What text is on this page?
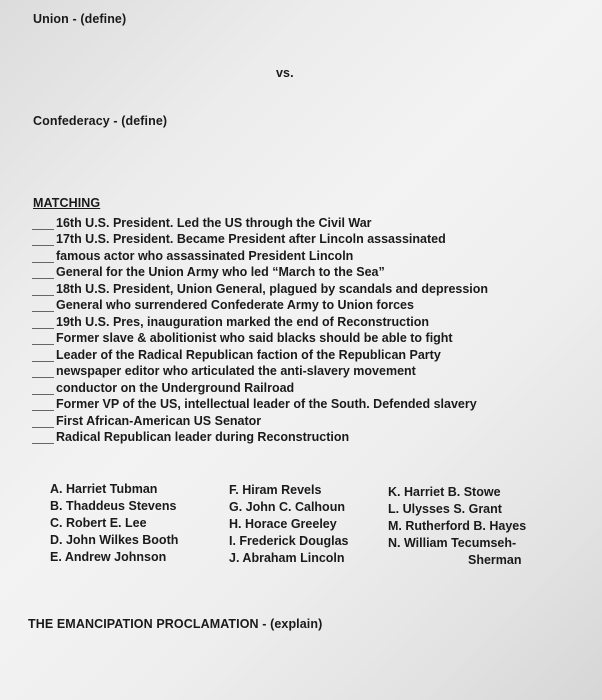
Union - (define)
vs.
Confederacy - (define)
MATCHING
16th U.S. President. Led the US through the Civil War
17th U.S. President. Became President after Lincoln assassinated
famous actor who assassinated President Lincoln
General for the Union Army who led “March to the Sea”
18th U.S. President, Union General, plagued by scandals and depression
General who surrendered Confederate Army to Union forces
19th U.S. Pres, inauguration marked the end of Reconstruction
Former slave & abolitionist who said blacks should be able to fight
Leader of the Radical Republican faction of the Republican Party
newspaper editor who articulated the anti-slavery movement
conductor on the Underground Railroad
Former VP of the US, intellectual leader of the South. Defended slavery
First African-American US Senator
Radical Republican leader during Reconstruction
A. Harriet Tubman
B. Thaddeus Stevens
C. Robert E. Lee
D. John Wilkes Booth
E. Andrew Johnson
F. Hiram Revels
G. John C. Calhoun
H. Horace Greeley
I. Frederick Douglas
J. Abraham Lincoln
K. Harriet B. Stowe
L. Ulysses S. Grant
M. Rutherford B. Hayes
N. William Tecumseh-
Sherman
THE EMANCIPATION PROCLAMATION - (explain)
